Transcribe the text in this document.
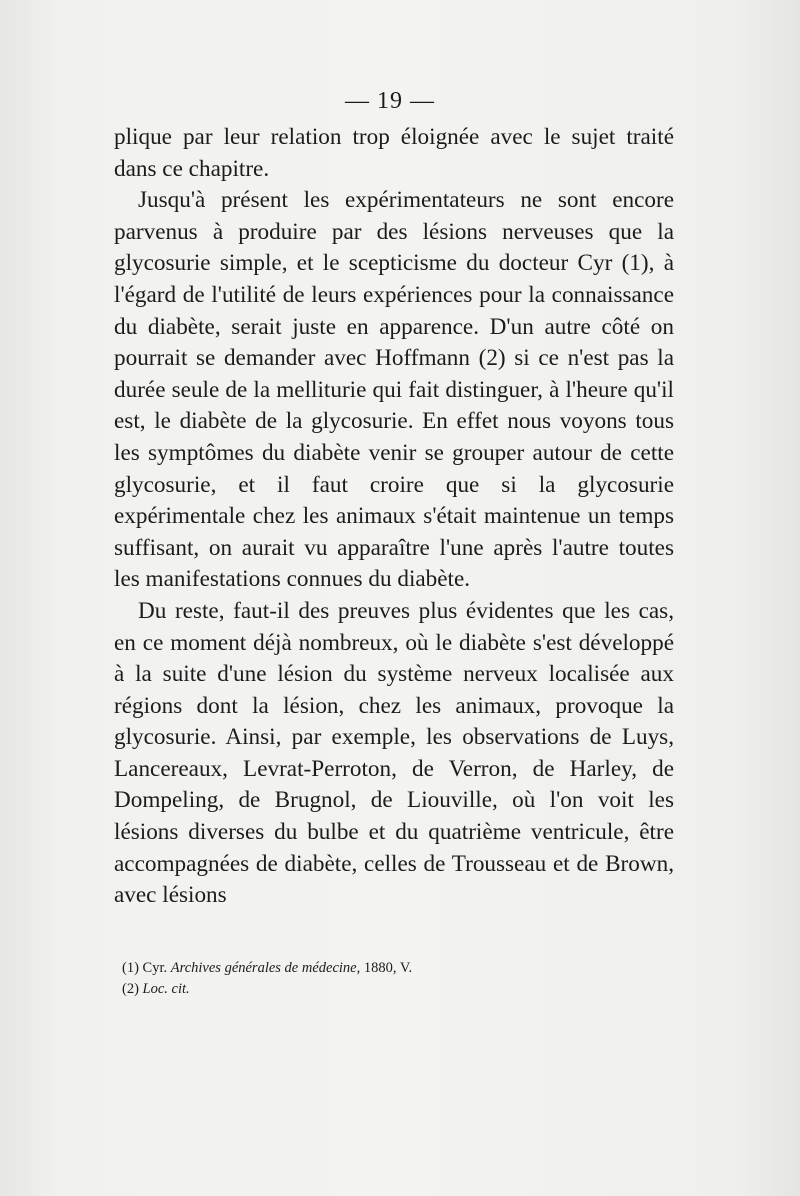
— 19 —

plique par leur relation trop éloignée avec le sujet traité dans ce chapitre.

Jusqu'à présent les expérimentateurs ne sont encore parvenus à produire par des lésions nerveuses que la glycosurie simple, et le scepticisme du docteur Cyr (1), à l'égard de l'utilité de leurs expériences pour la connaissance du diabète, serait juste en apparence. D'un autre côté on pourrait se demander avec Hoffmann (2) si ce n'est pas la durée seule de la melliturie qui fait distinguer, à l'heure qu'il est, le diabète de la glycosurie. En effet nous voyons tous les symptômes du diabète venir se grouper autour de cette glycosurie, et il faut croire que si la glycosurie expérimentale chez les animaux s'était maintenue un temps suffisant, on aurait vu apparaître l'une après l'autre toutes les manifestations connues du diabète.

Du reste, faut-il des preuves plus évidentes que les cas, en ce moment déjà nombreux, où le diabète s'est développé à la suite d'une lésion du système nerveux localisée aux régions dont la lésion, chez les animaux, provoque la glycosurie. Ainsi, par exemple, les observations de Luys, Lancereaux, Levrat-Perroton, de Verron, de Harley, de Dompeling, de Brugnol, de Liouville, où l'on voit les lésions diverses du bulbe et du quatrième ventricule, être accompagnées de diabète, celles de Trousseau et de Brown, avec lésions

(1) Cyr. Archives générales de médecine, 1880, V.
(2) Loc. cit.
